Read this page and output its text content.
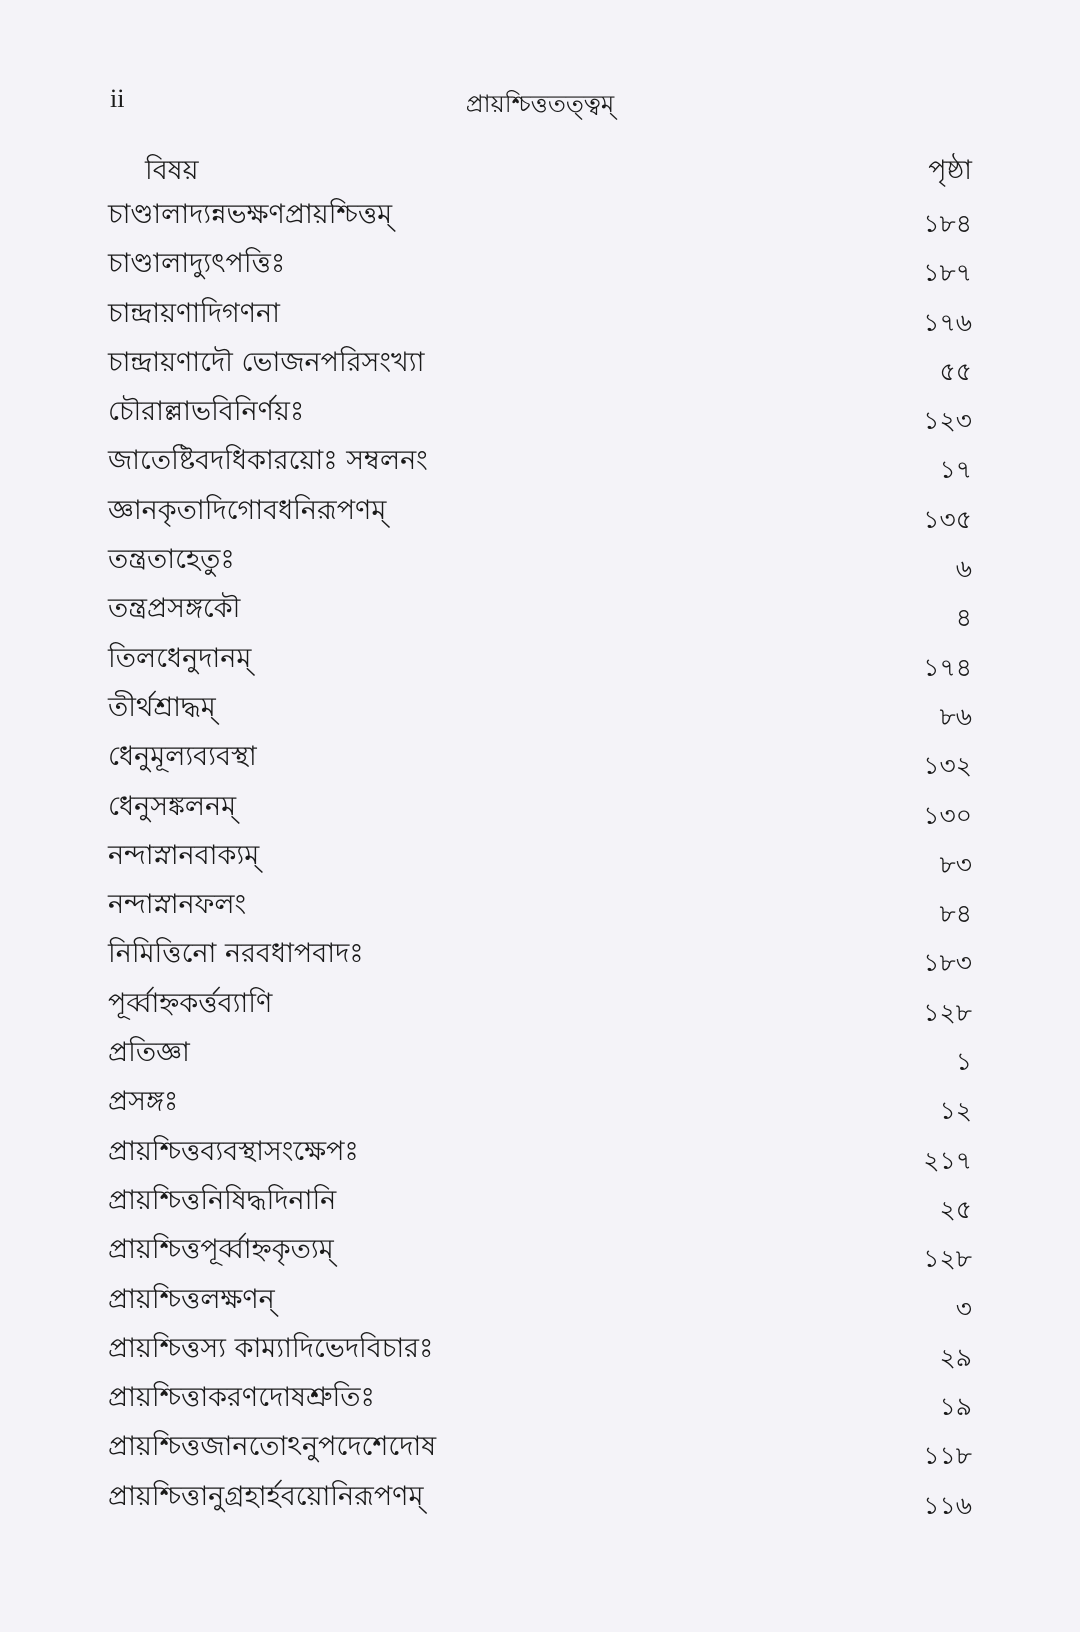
ii	প্রায়শ্চিত্ততত্ত্বম্
বিষয়	পৃষ্ঠা
চাণ্ডালাদ্যন্নভক্ষণপ্রায়শ্চিত্তম্	১৮৪
চাণ্ডালাদ্যুৎপত্তিঃ	১৮৭
চান্দ্রায়ণাদিগণনা	১৭৬
চান্দ্রায়ণাদৌ ভোজনপরিসংখ্যা	৫৫
চৌরাল্লাভবিনির্ণয়ঃ	১২৩
জাতেষ্টিবদধিকারয়োঃ সম্বলনং	১৭
জ্ঞানকৃতাদিগোবধনিরূপণম্	১৩৫
তন্ত্রতাহেতুঃ	৬
তন্ত্রপ্রসঙ্গকৌ	৪
তিলধেনুদানম্	১৭৪
তীর্থশ্রাদ্ধম্	৮৬
ধেনুমূল্যব্যবস্থা	১৩২
ধেনুসঙ্কলনম্	১৩০
নন্দাস্নানবাক্যম্	৮৩
নন্দাস্নানফলং	৮৪
নিমিত্তিনো নরবধাপবাদঃ	১৮৩
পূর্ব্বাহ্নকর্ত্তব্যাণি	১২৮
প্রতিজ্ঞা	১
প্রসঙ্গঃ	১২
প্রায়শ্চিত্তব্যবস্থাসংক্ষেপঃ	২১৭
প্রায়শ্চিত্তনিষিদ্ধদিনানি	২৫
প্রায়শ্চিত্তপূর্ব্বাহ্নকৃত্যম্	১২৮
প্রায়শ্চিত্তলক্ষণন্	৩
প্রায়শ্চিত্তস্য কাম্যাদিভেদবিচারঃ	২৯
প্রায়শ্চিত্তাকরণদোষশ্রুতিঃ	১৯
প্রায়শ্চিত্তজানতোঽনুপদেশেদোষ	১১৮
প্রায়শ্চিত্তানুগ্রহার্হবয়োনিরূপণম্	১১৬
